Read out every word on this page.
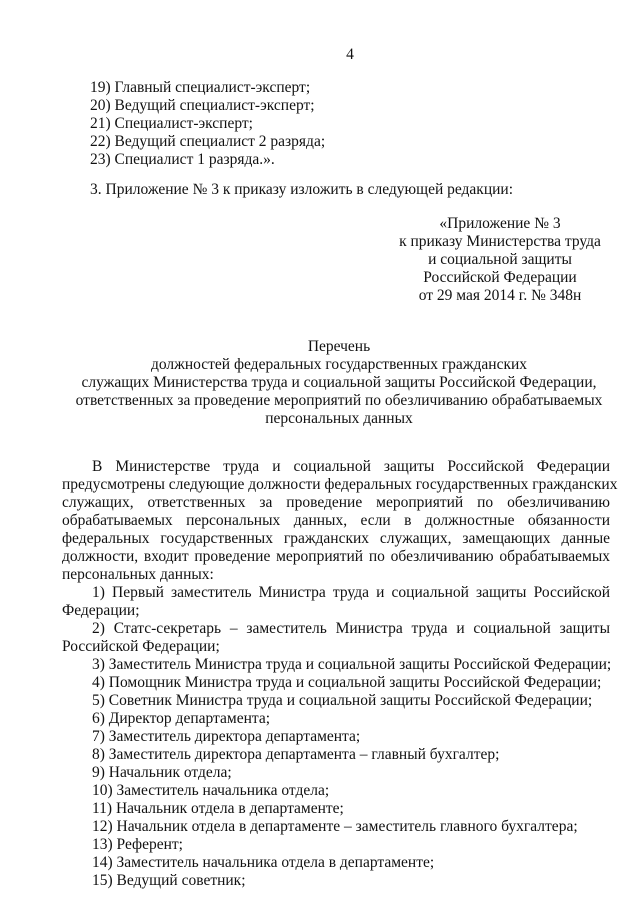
4
19) Главный специалист-эксперт;
20) Ведущий специалист-эксперт;
21) Специалист-эксперт;
22) Ведущий специалист 2 разряда;
23) Специалист 1 разряда.».
3. Приложение № 3 к приказу изложить в следующей редакции:
«Приложение № 3
к приказу Министерства труда
и социальной защиты
Российской Федерации
от 29 мая 2014 г. № 348н
Перечень
должностей федеральных государственных гражданских
служащих Министерства труда и социальной защиты Российской Федерации,
ответственных за проведение мероприятий по обезличиванию обрабатываемых
персональных данных
В Министерстве труда и социальной защиты Российской Федерации
предусмотрены следующие должности федеральных государственных гражданских
служащих, ответственных за проведение мероприятий по обезличиванию
обрабатываемых персональных данных, если в должностные обязанности
федеральных государственных гражданских служащих, замещающих данные
должности, входит проведение мероприятий по обезличиванию обрабатываемых
персональных данных:
1) Первый заместитель Министра труда и социальной защиты Российской
Федерации;
2) Статс-секретарь – заместитель Министра труда и социальной защиты
Российской Федерации;
3) Заместитель Министра труда и социальной защиты Российской Федерации;
4) Помощник Министра труда и социальной защиты Российской Федерации;
5) Советник Министра труда и социальной защиты Российской Федерации;
6) Директор департамента;
7) Заместитель директора департамента;
8) Заместитель директора департамента – главный бухгалтер;
9) Начальник отдела;
10) Заместитель начальника отдела;
11) Начальник отдела в департаменте;
12) Начальник отдела в департаменте – заместитель главного бухгалтера;
13) Референт;
14) Заместитель начальника отдела в департаменте;
15) Ведущий советник;
